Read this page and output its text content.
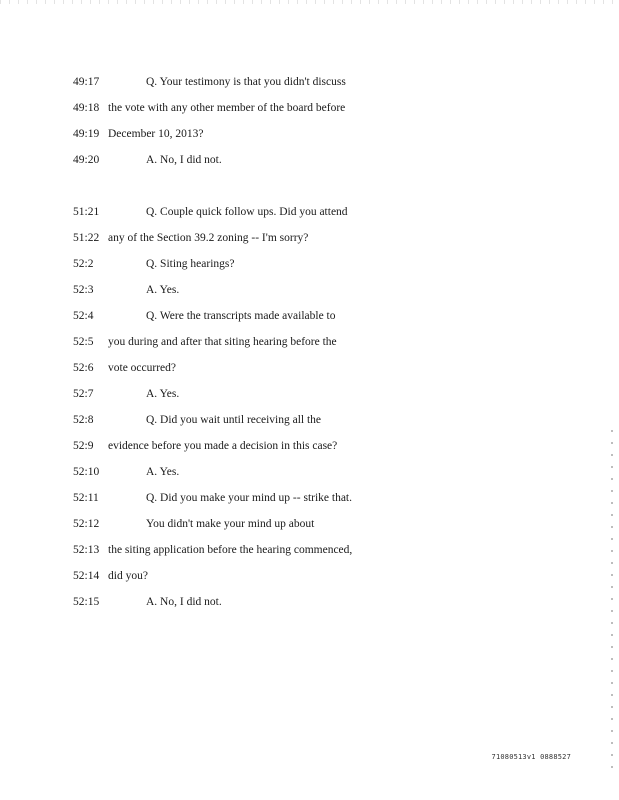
49:17	Q. Your testimony is that you didn't discuss
49:18 the vote with any other member of the board before
49:19 December 10, 2013?
49:20	A. No, I did not.
51:21	Q. Couple quick follow ups. Did you attend
51:22 any of the Section 39.2 zoning -- I'm sorry?
52:2	Q. Siting hearings?
52:3	A. Yes.
52:4	Q. Were the transcripts made available to
52:5 you during and after that siting hearing before the
52:6 vote occurred?
52:7	A. Yes.
52:8	Q. Did you wait until receiving all the
52:9 evidence before you made a decision in this case?
52:10	A. Yes.
52:11	Q. Did you make your mind up -- strike that.
52:12	You didn't make your mind up about
52:13 the siting application before the hearing commenced,
52:14 did you?
52:15	A. No, I did not.
71080513v1 0888527
